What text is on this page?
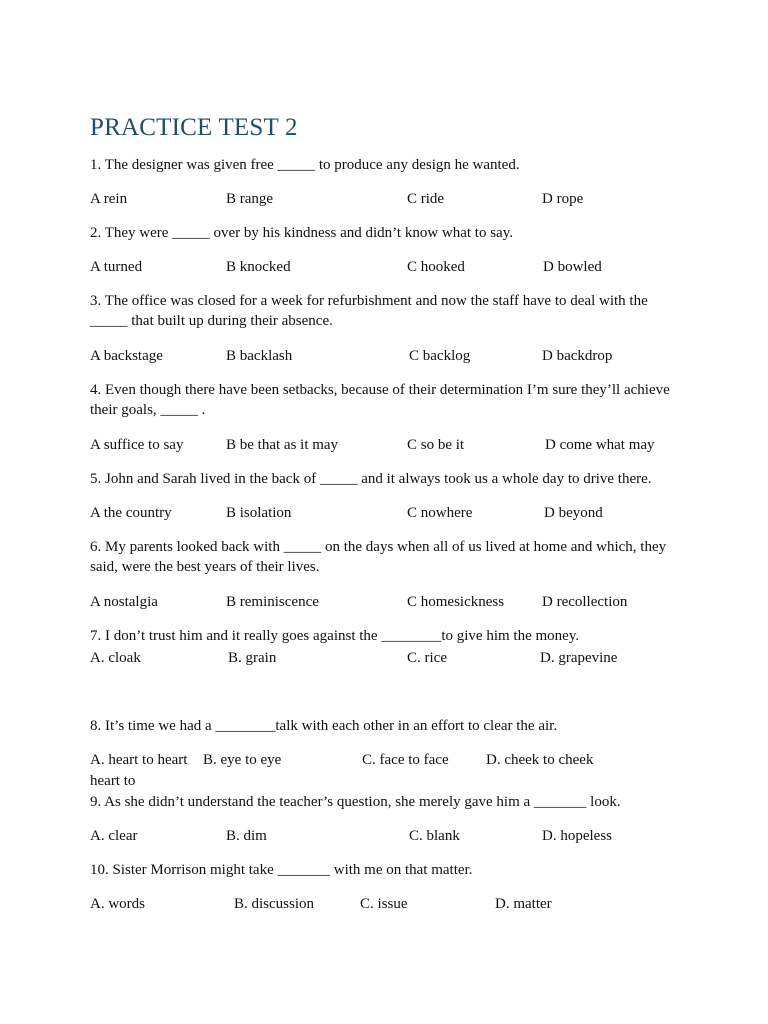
PRACTICE TEST 2
1. The designer was given free _____ to produce any design he wanted.
A rein	B range	C ride	D rope
2. They were _____ over by his kindness and didn’t know what to say.
A turned	B knocked	C hooked	D bowled
3. The office was closed for a week for refurbishment and now the staff have to deal with the _____ that built up during their absence.
A backstage	B backlash	C backlog	D backdrop
4. Even though there have been setbacks, because of their determination I’m sure they’ll achieve their goals, _____ .
A suffice to say	B be that as it may	C so be it	D come what may
5. John and Sarah lived in the back of _____ and it always took us a whole day to drive there.
A the country	B isolation	C nowhere	D beyond
6. My parents looked back with _____ on the days when all of us lived at home and which, they said, were the best years of their lives.
A nostalgia	B reminiscence	C homesickness	D recollection
7. I don’t trust him and it really goes against the ________to give him the money.
A. cloak	B. grain	C. rice	D. grapevine
8. It’s time we had a ________talk with each other in an effort to clear the air.
A. heart to heart B. eye to eye	C. face to face D. cheek to cheek
heart to
9. As she didn’t understand the teacher’s question, she merely gave him a _______ look.
A. clear	B. dim	C. blank	D. hopeless
10. Sister Morrison might take _______ with me on that matter.
A. words	B. discussion	C. issue	D. matter
